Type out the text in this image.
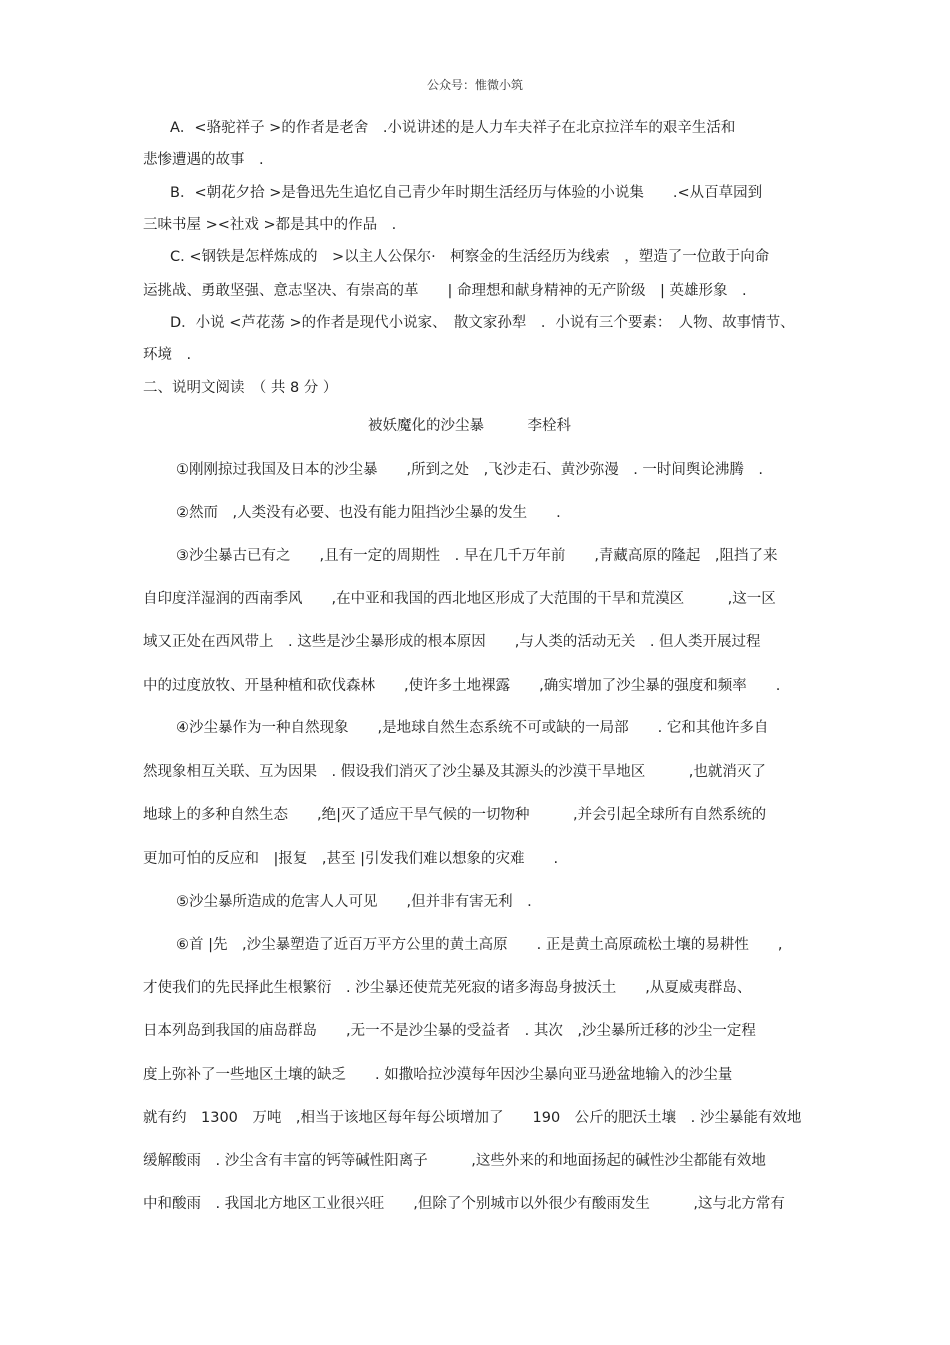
公众号：惟微小筑
A．<骆驼祥子 >的作者是老舍　.小说讲述的是人力车夫祥子在北京拉洋车的艰辛生活和
悲惨遭遇的故事　.
B．<朝花夕拾 >是鲁迅先生追忆自己青少年时期生活经历与体验的小说集　　.<从百草园到
三味书屋 ><社戏 >都是其中的作品　.
C. <钢铁是怎样炼成的　>以主人公保尔·　柯察金的生活经历为线索　，塑造了一位敢于向命
运挑战、勇敢坚强、意志坚决、有崇高的革　　| 命理想和献身精神的无产阶级　| 英雄形象　.
D．小说 <芦花荡 >的作者是现代小说家、　散文家孙犁　．小说有三个要素：　人物、故事情节、
环境　.
二、说明文阅读　（ 共 8 分 ）
被妖魔化的沙尘暴　　　李栓科
①刚刚掠过我国及日本的沙尘暴　　,所到之处　,飞沙走石、黄沙弥漫　. 一时间舆论沸腾　.
②然而　,人类没有必要、也没有能力阻挡沙尘暴的发生　　.
③沙尘暴古已有之　　,且有一定的周期性　. 早在几千万年前　　,青藏高原的隆起　,阻挡了来
自印度洋湿润的西南季风　　,在中亚和我国的西北地区形成了大范围的干旱和荒漠区　　　,这一区
域又正处在西风带上　. 这些是沙尘暴形成的根本原因　　,与人类的活动无关　. 但人类开展过程
中的过度放牧、开垦种植和砍伐森林　　,使许多土地裸露　　,确实增加了沙尘暴的强度和频率　　.
④沙尘暴作为一种自然现象　　,是地球自然生态系统不可或缺的一局部　　. 它和其他许多自
然现象相互关联、互为因果　. 假设我们消灭了沙尘暴及其源头的沙漠干旱地区　　　,也就消灭了
地球上的多种自然生态　　,绝|灭了适应干旱气候的一切物种　　　,并会引起全球所有自然系统的
更加可怕的反应和　|报复　,甚至 |引发我们难以想象的灾难　　.
⑤沙尘暴所造成的危害人人可见　　,但并非有害无利　.
⑥首 |先　,沙尘暴塑造了近百万平方公里的黄土高原　　. 正是黄土高原疏松土壤的易耕性　　,
才使我们的先民择此生根繁衍　. 沙尘暴还使荒芜死寂的诸多海岛身披沃土　　,从夏威夷群岛、
日本列岛到我国的庙岛群岛　　,无一不是沙尘暴的受益者　. 其次　,沙尘暴所迁移的沙尘一定程
度上弥补了一些地区土壤的缺乏　　. 如撒哈拉沙漠每年因沙尘暴向亚马逊盆地输入的沙尘量
就有约　1300　万吨　,相当于该地区每年每公顷增加了　　190　公斤的肥沃土壤　. 沙尘暴能有效地
缓解酸雨　. 沙尘含有丰富的钙等碱性阳离子　　　,这些外来的和地面扬起的碱性沙尘都能有效地
中和酸雨　. 我国北方地区工业很兴旺　　,但除了个别城市以外很少有酸雨发生　　　,这与北方常有
